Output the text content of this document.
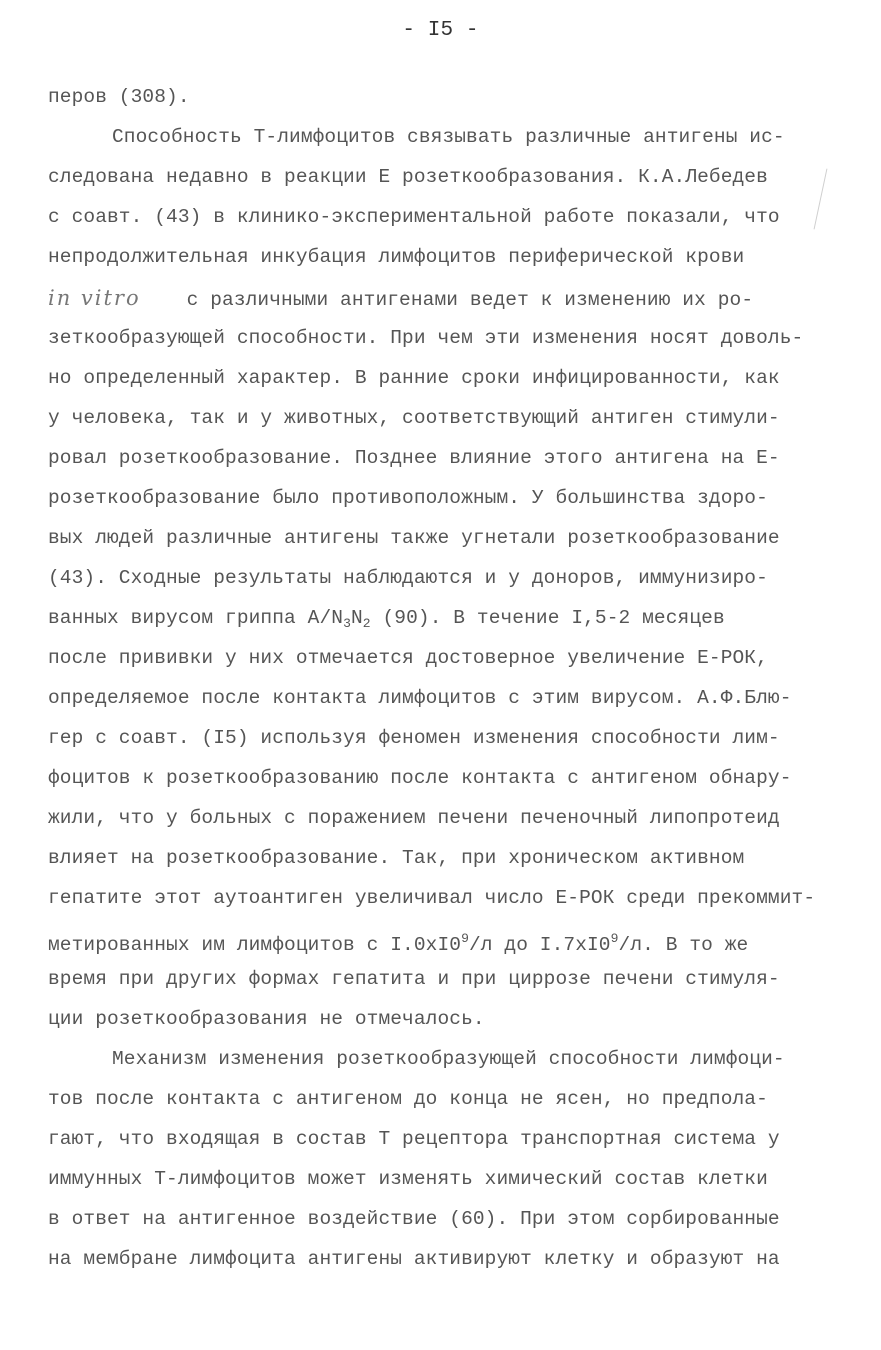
- I5 -
перов (308).
Способность Т-лимфоцитов связывать различные антигены ис-
следована недавно в реакции Е розеткообразования. К.А.Лебедев
с соавт. (43) в клинико-экспериментальной работе показали, что
непродолжительная инкубация лимфоцитов периферической крови
in vitro с различными антигенами ведет к изменению их ро-
зеткообразующей способности. При чем эти изменения носят доволь-
но определенный характер. В ранние сроки инфицированности, как
у человека, так и у животных, соответствующий антиген стимули-
ровал розеткообразование. Позднее влияние этого антигена на Е-
розеткообразование было противоположным. У большинства здоро-
вых людей различные антигены также угнетали розеткообразование
(43). Сходные результаты наблюдаются и у доноров, иммунизиро-
ванных вирусом гриппа $A/N_3N_2$ (90). В течение I,5-2 месяцев
после прививки у них отмечается достоверное увеличение Е-РОК,
определяемое после контакта лимфоцитов с этим вирусом. А.Ф.Блю-
гер с соавт. (I5) используя феномен изменения способности лим-
фоцитов к розеткообразованию после контакта с антигеном обнару-
жили, что у больных с поражением печени печеночный липопротеид
влияет на розеткообразование. Так, при хроническом активном
гепатите этот аутоантиген увеличивал число Е-РОК среди прекоммит-
метированных им лимфоцитов с $I.0xI0^9/л$ до $I.7xI0^9/л$. В то же
время при других формах гепатита и при циррозе печени стимуля-
ции розеткообразования не отмечалось.
Механизм изменения розеткообразующей способности лимфоци-
тов после контакта с антигеном до конца не ясен, но предпола-
гают, что входящая в состав Т рецептора транспортная система у
иммунных Т-лимфоцитов может изменять химический состав клетки
в ответ на антигенное воздействие (60). При этом сорбированные
на мембране лимфоцита антигены активируют клетку и образуют на
